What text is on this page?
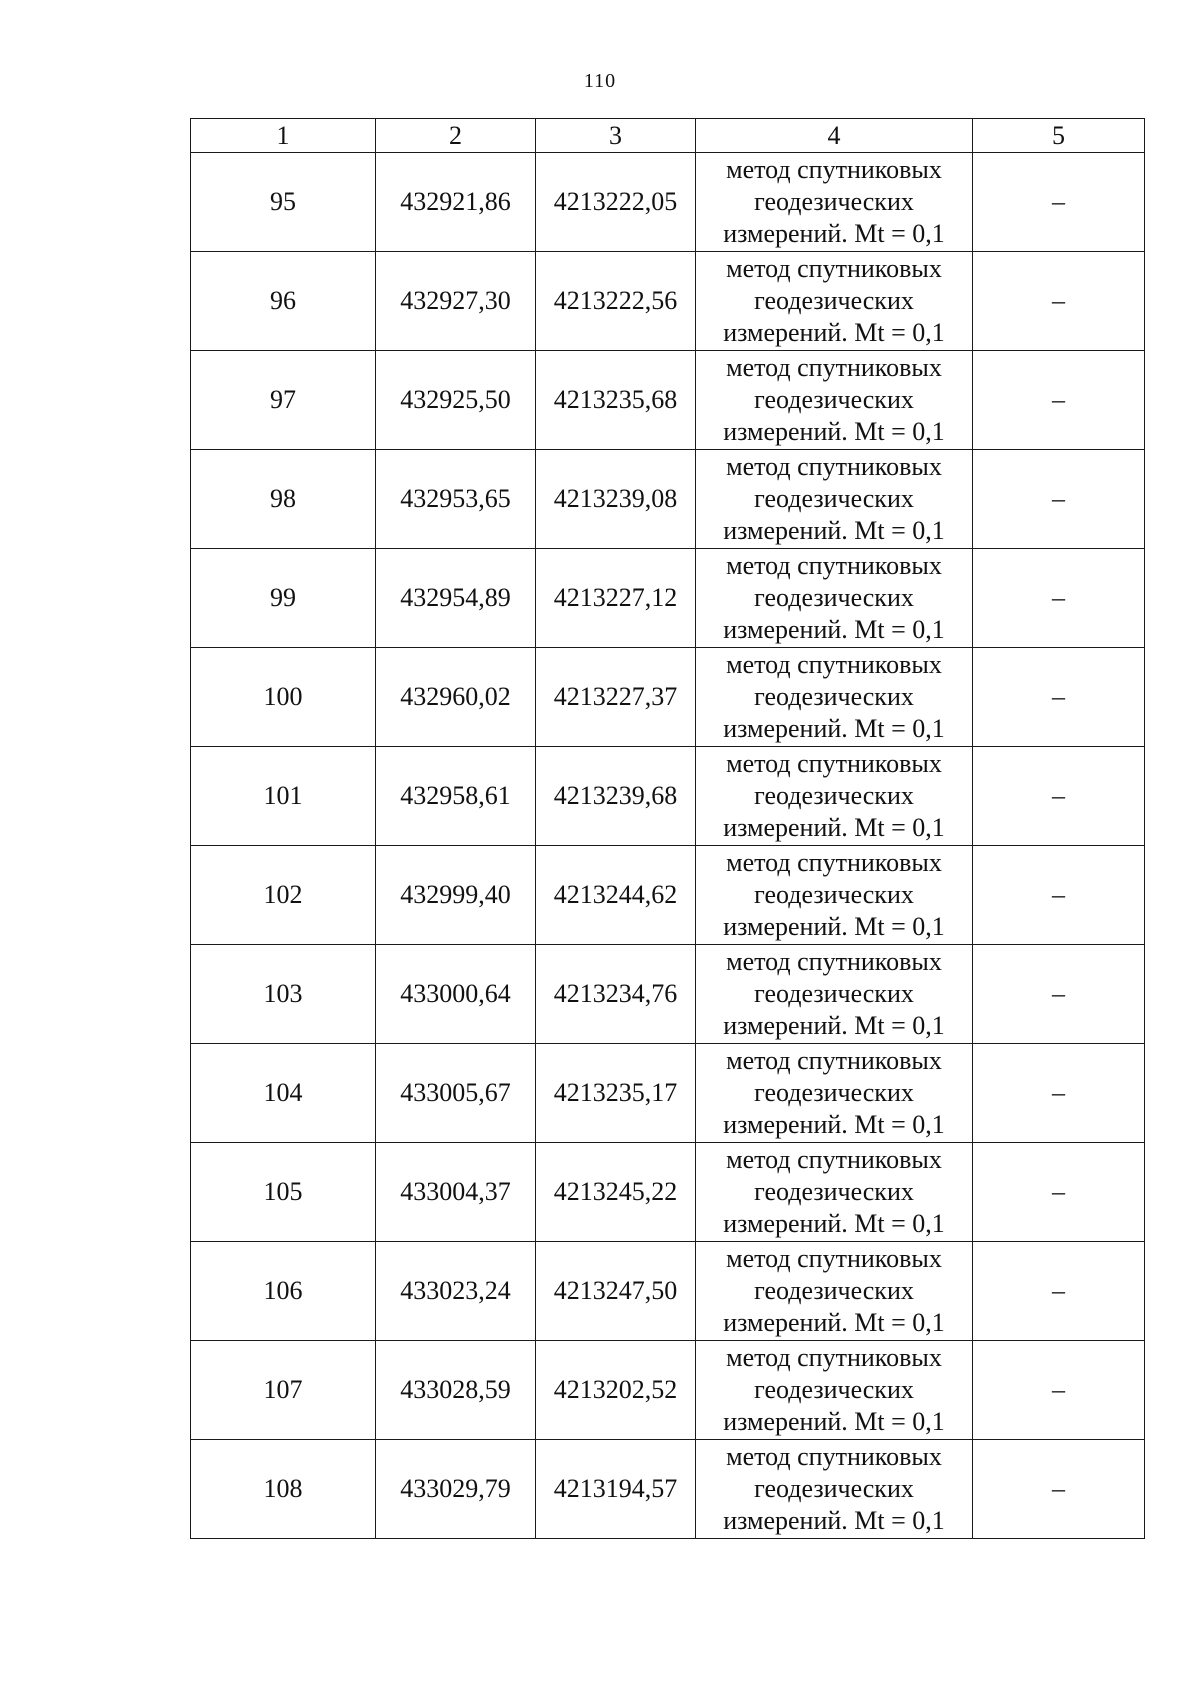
110
1	2	3	4	5
95	432921,86	4213222,05	метод спутниковых
геодезических
измерений. Mt = 0,1	–
96	432927,30	4213222,56	метод спутниковых
геодезических
измерений. Mt = 0,1	–
97	432925,50	4213235,68	метод спутниковых
геодезических
измерений. Mt = 0,1	–
98	432953,65	4213239,08	метод спутниковых
геодезических
измерений. Mt = 0,1	–
99	432954,89	4213227,12	метод спутниковых
геодезических
измерений. Mt = 0,1	–
100	432960,02	4213227,37	метод спутниковых
геодезических
измерений. Mt = 0,1	–
101	432958,61	4213239,68	метод спутниковых
геодезических
измерений. Mt = 0,1	–
102	432999,40	4213244,62	метод спутниковых
геодезических
измерений. Mt = 0,1	–
103	433000,64	4213234,76	метод спутниковых
геодезических
измерений. Mt = 0,1	–
104	433005,67	4213235,17	метод спутниковых
геодезических
измерений. Mt = 0,1	–
105	433004,37	4213245,22	метод спутниковых
геодезических
измерений. Mt = 0,1	–
106	433023,24	4213247,50	метод спутниковых
геодезических
измерений. Mt = 0,1	–
107	433028,59	4213202,52	метод спутниковых
геодезических
измерений. Mt = 0,1	–
108	433029,79	4213194,57	метод спутниковых
геодезических
измерений. Mt = 0,1	–
